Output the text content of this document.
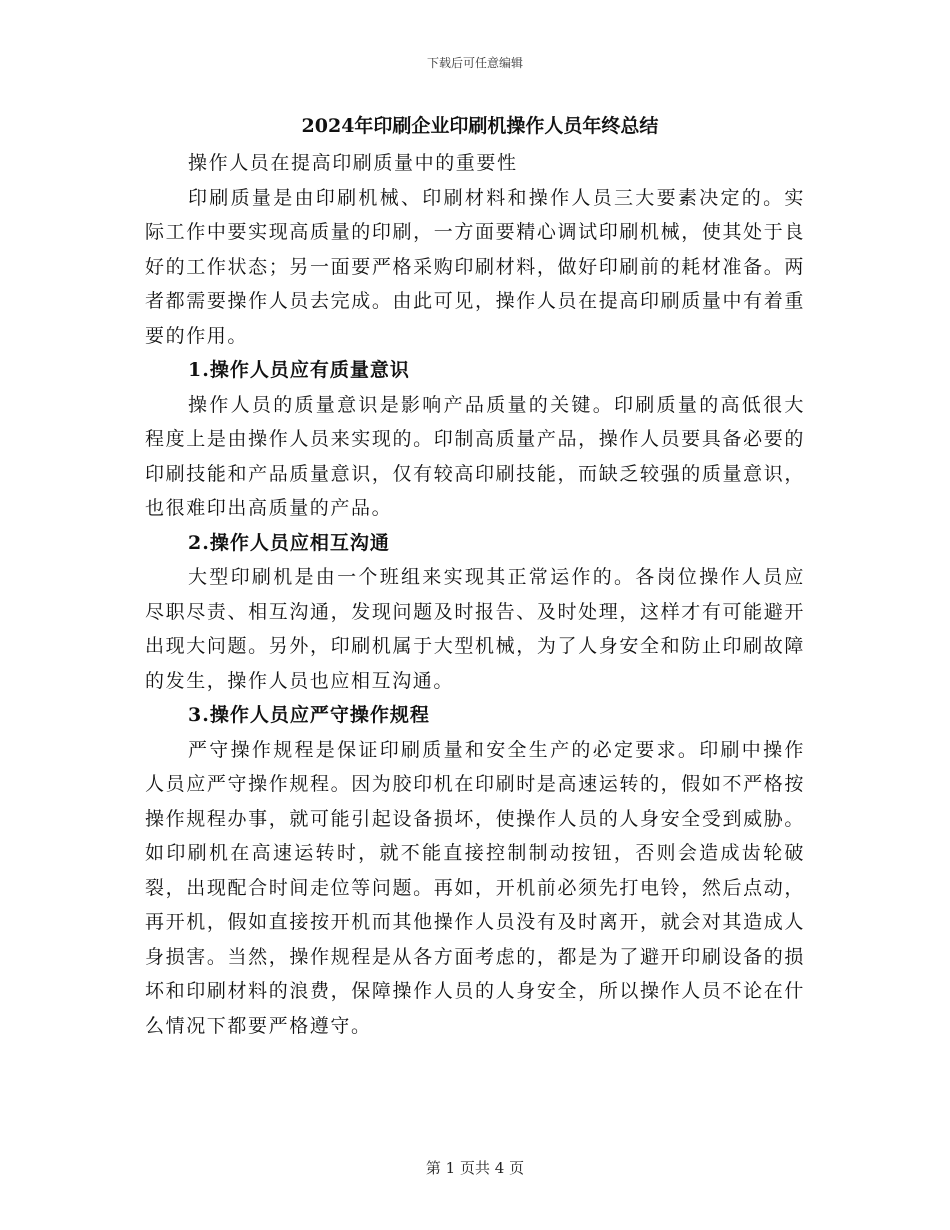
下载后可任意编辑
2024年印刷企业印刷机操作人员年终总结

操作人员在提高印刷质量中的重要性

印刷质量是由印刷机械、印刷材料和操作人员三大要素决定的。实际工作中要实现高质量的印刷，一方面要精心调试印刷机械，使其处于良好的工作状态；另一面要严格采购印刷材料，做好印刷前的耗材准备。两者都需要操作人员去完成。由此可见，操作人员在提高印刷质量中有着重要的作用。

1.操作人员应有质量意识

操作人员的质量意识是影响产品质量的关键。印刷质量的高低很大程度上是由操作人员来实现的。印制高质量产品，操作人员要具备必要的印刷技能和产品质量意识，仅有较高印刷技能，而缺乏较强的质量意识，也很难印出高质量的产品。

2.操作人员应相互沟通

大型印刷机是由一个班组来实现其正常运作的。各岗位操作人员应尽职尽责、相互沟通，发现问题及时报告、及时处理，这样才有可能避开出现大问题。另外，印刷机属于大型机械，为了人身安全和防止印刷故障的发生，操作人员也应相互沟通。

3.操作人员应严守操作规程

严守操作规程是保证印刷质量和安全生产的必定要求。印刷中操作人员应严守操作规程。因为胶印机在印刷时是高速运转的，假如不严格按操作规程办事，就可能引起设备损坏，使操作人员的人身安全受到威胁。如印刷机在高速运转时，就不能直接控制制动按钮，否则会造成齿轮破裂，出现配合时间走位等问题。再如，开机前必须先打电铃，然后点动，再开机，假如直接按开机而其他操作人员没有及时离开，就会对其造成人身损害。当然，操作规程是从各方面考虑的，都是为了避开印刷设备的损坏和印刷材料的浪费，保障操作人员的人身安全，所以操作人员不论在什么情况下都要严格遵守。

第 1 页共 4 页
